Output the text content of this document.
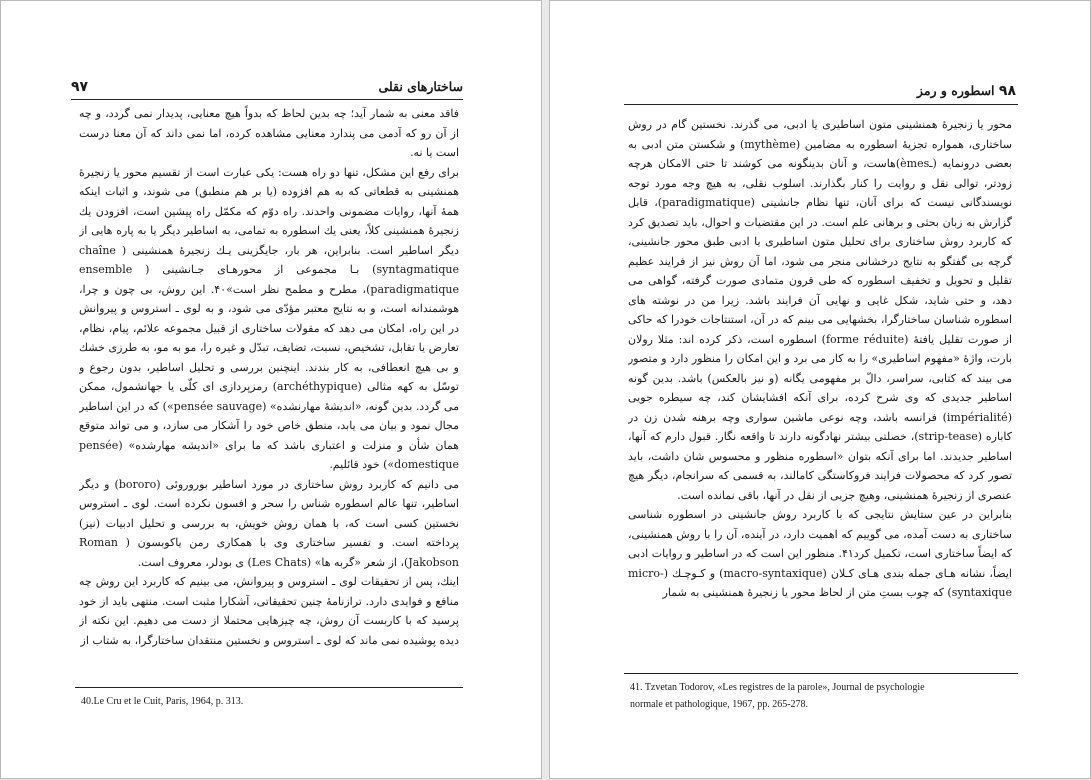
ساختارهای نقلی
۹۷

فاقد معنی به شمار آید؛ چه بدین لحاظ که بدواً هیچ معنایی، پدیدار نمی گردد، و چه از آن رو که آدمی می پندارد معنایی مشاهده کرده، اما نمی داند که آن معنا درست است یا نه.

برای رفع این مشکل، تنها دو راه هست: یکی عبارت است از تقسیم محور یا زنجیرهٔ همنشینی به قطعاتی که به هم افزوده (یا بر هم منطبق) می شوند، و اثبات اینکه همهٔ آنها، روایات مضمونی واحدند. راه دوّم که مکمّل راه پیشین است، افزودن یك زنجیرهٔ همنشینی کلاً، یعنی یك اسطوره به تمامی، به اساطیر دیگر یا به پاره هایی از دیگر اساطیر است. بنابراین، هر بار، جایگزینی یـك زنجیرهٔ همنشینی ( chaîne syntagmatique) بـا مجموعی از محورهـای جـانشینی ( ensemble paradigmatique)، مطرح و مطمح نظر است»۴۰. این روش، بی چون و چرا، هوشمندانه است، و به نتایج معتبر مؤدّی می شود، و به لوی ـ استروس و پیروانش در این راه، امکان می دهد که مقولات ساختاری از قبیل مجموعه علائم، پیام، نظام، تعارض یا تقابل، تشخیص، نسبت، تضایف، تبدّل و غیره را، مو به مو، به طرزی خشك و بی هیچ انعطافی، به کار بندند. اینچنین بررسی و تحلیل اساطیر، بدون رجوع و توسّل به کهه مثالی (archéthypique) رمزپردازی ای کلّی یا جهانشمول، ممکن می گردد. بدین گونه، «اندیشهٔ مهارنشده» (pensée sauvage») که در این اساطیر مجال نمود و بیان می یابد، منطق خاص خود را آشکار می سازد، و می تواند متوقع همان شأن و منزلت و اعتباری باشد که ما برای «اندیشه مهارشده» (pensée domestique») خود قائلیم.

می دانیم که کاربرد روش ساختاری در مورد اساطیر بوروروئی (bororo) و دیگر اساطیر، تنها عالم اسطوره شناس را سحر و افسون نکرده است. لوی ـ استروس نخستین کسی است که، با همان روش خویش، به بررسی و تحلیل ادبیات (نیز) پرداخته است. و تفسیر ساختاری وی با همکاری رمن یاکوبسون ( Roman Jakobson)، از شعر «گربه ها» (Les Chats) ی بودلر، معروف است.

اینك، پس از تحقیقات لوی ـ استروس و پیروانش، می بینیم که کاربرد این روش چه منافع و فوایدی دارد. ترازنامهٔ چنین تحقیقاتی، آشکارا مثبت است. منتهی باید از خود پرسید که با کاربست آن روش، چه چیزهایی محتملا از دست می دهیم. این نکته از دیده پوشیده نمی ماند که لوی ـ استروس و نخستین منتقدان ساختارگرا، به شتاب از

40.Le Cru et le Cuit, Paris, 1964, p. 313.
۹۸ اسطوره و رمز

محور یا زنجیرهٔ همنشینی متون اساطیری یا ادبی، می گذرند. نخستین گام در روش ساختاری، همواره تجزیهٔ اسطوره به مضامین (mythème) و شکستن متن ادبی به بعضی درونمایه (ـèmes)هاست، و آنان بدینگونه می کوشند تا حتی الامکان هرچه زودتر، توالی نقل و روایت را کنار بگذارند. اسلوب نقلی، به هیچ وجه مورد توجه نویسندگانی نیست که برای آنان، تنها نظام جانشینی (paradigmatique)، قابل گزارش به زبان بحثی و برهانی علم است. در این مقتضیات و احوال، باید تصدیق کرد که کاربرد روش ساختاری برای تحلیل متون اساطیری یا ادبی طبق محور جانشینی، گرچه بی گفتگو به نتایج درخشانی منجر می شود، اما آن روش نیز از فرایند عظیم تقلیل و تحویل و تخفیف اسطوره که طی قرون متمادی صورت گرفته، گواهی می دهد، و حتی شاید، شکل غایی و نهایی آن فرایند باشد. زیرا من در نوشته های اسطوره شناسان ساختارگرا، بخشهایی می بینم که در آن، استنتاجات خودرا که حاکی از صورت تقلیل یافتهٔ (forme réduite) اسطوره است، ذکر کرده اند: مثلا رولان بارت، واژهٔ «مفهوم اساطیری» را به کار می برد و این امکان را منظور دارد و متصور می بیند که کتابی، سراسر، دالّ بر مفهومی یگانه (و نیز بالعکس) باشد. بدین گونه اساطیر جدیدی که وی شرح کرده، برای آنکه افشایشان کند، چه سیطره جویی (impérialité) فرانسه باشد، وچه نوعی ماشین سواری وچه برهنه شدن زن در کاباره (strip-tease)، خصلتی بیشتر نهادگونه دارند تا واقعه نگار. قبول دارم که آنها، اساطیر جدیدند. اما برای آنکه بتوان «اسطوره منظور و محسوس شان داشت، باید تصور کرد که محصولات فرایند فروکاستگی کامالند، به قسمی که سرانجام، دیگر هیچ عنصری از زنجیرهٔ همنشینی، وهیچ جزیی از نقل در آنها، باقی نمانده است.

بنابراین در عین ستایش نتایجی که با کاربرد روش جانشینی در اسطوره شناسی ساختاری به دست آمده، می گوییم که اهمیت دارد، در آینده، آن را با روش همنشینی، که ایضاً ساختاری است، تکمیل کرد۴۱. منظور این است که در اساطیر و روایات ادبی ایضاً، نشانه هـای جمله بندی هـای کـلان (macro-syntaxique) و کـوچـك (micro-syntaxique) که چوب بستِ متن از لحاظ محور یا زنجیرهٔ همنشینی به شمار

41. Tzvetan Todorov, «Les registres de la parole», Journal de psychologie
normale et pathologique, 1967, pp. 265-278.
